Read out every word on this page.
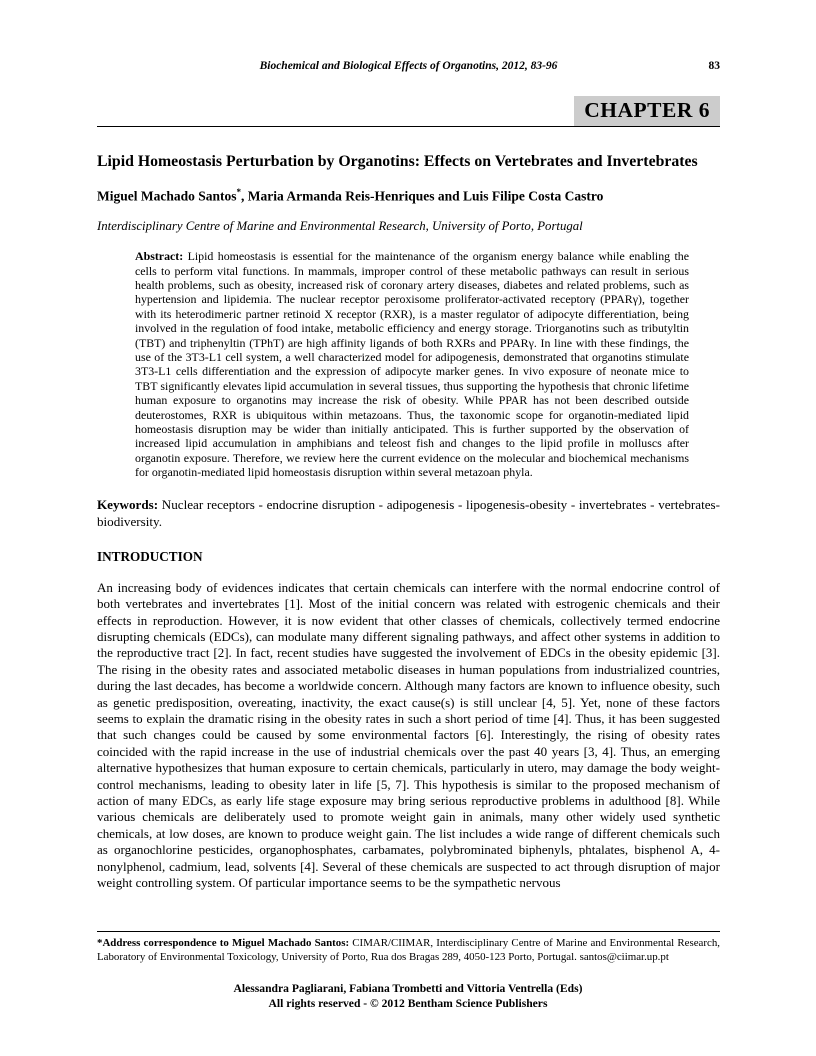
Biochemical and Biological Effects of Organotins, 2012, 83-96	83
CHAPTER 6
Lipid Homeostasis Perturbation by Organotins: Effects on Vertebrates and Invertebrates

Miguel Machado Santos*, Maria Armanda Reis-Henriques and Luis Filipe Costa Castro

Interdisciplinary Centre of Marine and Environmental Research, University of Porto, Portugal

Abstract: Lipid homeostasis is essential for the maintenance of the organism energy balance while enabling the cells to perform vital functions. In mammals, improper control of these metabolic pathways can result in serious health problems, such as obesity, increased risk of coronary artery diseases, diabetes and related problems, such as hypertension and lipidemia. The nuclear receptor peroxisome proliferator-activated receptorγ (PPARγ), together with its heterodimeric partner retinoid X receptor (RXR), is a master regulator of adipocyte differentiation, being involved in the regulation of food intake, metabolic efficiency and energy storage. Triorganotins such as tributyltin (TBT) and triphenyltin (TPhT) are high affinity ligands of both RXRs and PPARγ. In line with these findings, the use of the 3T3-L1 cell system, a well characterized model for adipogenesis, demonstrated that organotins stimulate 3T3-L1 cells differentiation and the expression of adipocyte marker genes. In vivo exposure of neonate mice to TBT significantly elevates lipid accumulation in several tissues, thus supporting the hypothesis that chronic lifetime human exposure to organotins may increase the risk of obesity. While PPAR has not been described outside deuterostomes, RXR is ubiquitous within metazoans. Thus, the taxonomic scope for organotin-mediated lipid homeostasis disruption may be wider than initially anticipated. This is further supported by the observation of increased lipid accumulation in amphibians and teleost fish and changes to the lipid profile in molluscs after organotin exposure. Therefore, we review here the current evidence on the molecular and biochemical mechanisms for organotin-mediated lipid homeostasis disruption within several metazoan phyla.

Keywords: Nuclear receptors - endocrine disruption - adipogenesis - lipogenesis-obesity - invertebrates - vertebrates-biodiversity.

INTRODUCTION

An increasing body of evidences indicates that certain chemicals can interfere with the normal endocrine control of both vertebrates and invertebrates [1]. Most of the initial concern was related with estrogenic chemicals and their effects in reproduction. However, it is now evident that other classes of chemicals, collectively termed endocrine disrupting chemicals (EDCs), can modulate many different signaling pathways, and affect other systems in addition to the reproductive tract [2]. In fact, recent studies have suggested the involvement of EDCs in the obesity epidemic [3]. The rising in the obesity rates and associated metabolic diseases in human populations from industrialized countries, during the last decades, has become a worldwide concern. Although many factors are known to influence obesity, such as genetic predisposition, overeating, inactivity, the exact cause(s) is still unclear [4, 5]. Yet, none of these factors seems to explain the dramatic rising in the obesity rates in such a short period of time [4]. Thus, it has been suggested that such changes could be caused by some environmental factors [6]. Interestingly, the rising of obesity rates coincided with the rapid increase in the use of industrial chemicals over the past 40 years [3, 4]. Thus, an emerging alternative hypothesizes that human exposure to certain chemicals, particularly in utero, may damage the body weight-control mechanisms, leading to obesity later in life [5, 7]. This hypothesis is similar to the proposed mechanism of action of many EDCs, as early life stage exposure may bring serious reproductive problems in adulthood [8]. While various chemicals are deliberately used to promote weight gain in animals, many other widely used synthetic chemicals, at low doses, are known to produce weight gain. The list includes a wide range of different chemicals such as organochlorine pesticides, organophosphates, carbamates, polybrominated biphenyls, phtalates, bisphenol A, 4-nonylphenol, cadmium, lead, solvents [4]. Several of these chemicals are suspected to act through disruption of major weight controlling system. Of particular importance seems to be the sympathetic nervous

*Address correspondence to Miguel Machado Santos: CIMAR/CIIMAR, Interdisciplinary Centre of Marine and Environmental Research, Laboratory of Environmental Toxicology, University of Porto, Rua dos Bragas 289, 4050-123 Porto, Portugal. santos@ciimar.up.pt
Alessandra Pagliarani, Fabiana Trombetti and Vittoria Ventrella (Eds)
All rights reserved - © 2012 Bentham Science Publishers
